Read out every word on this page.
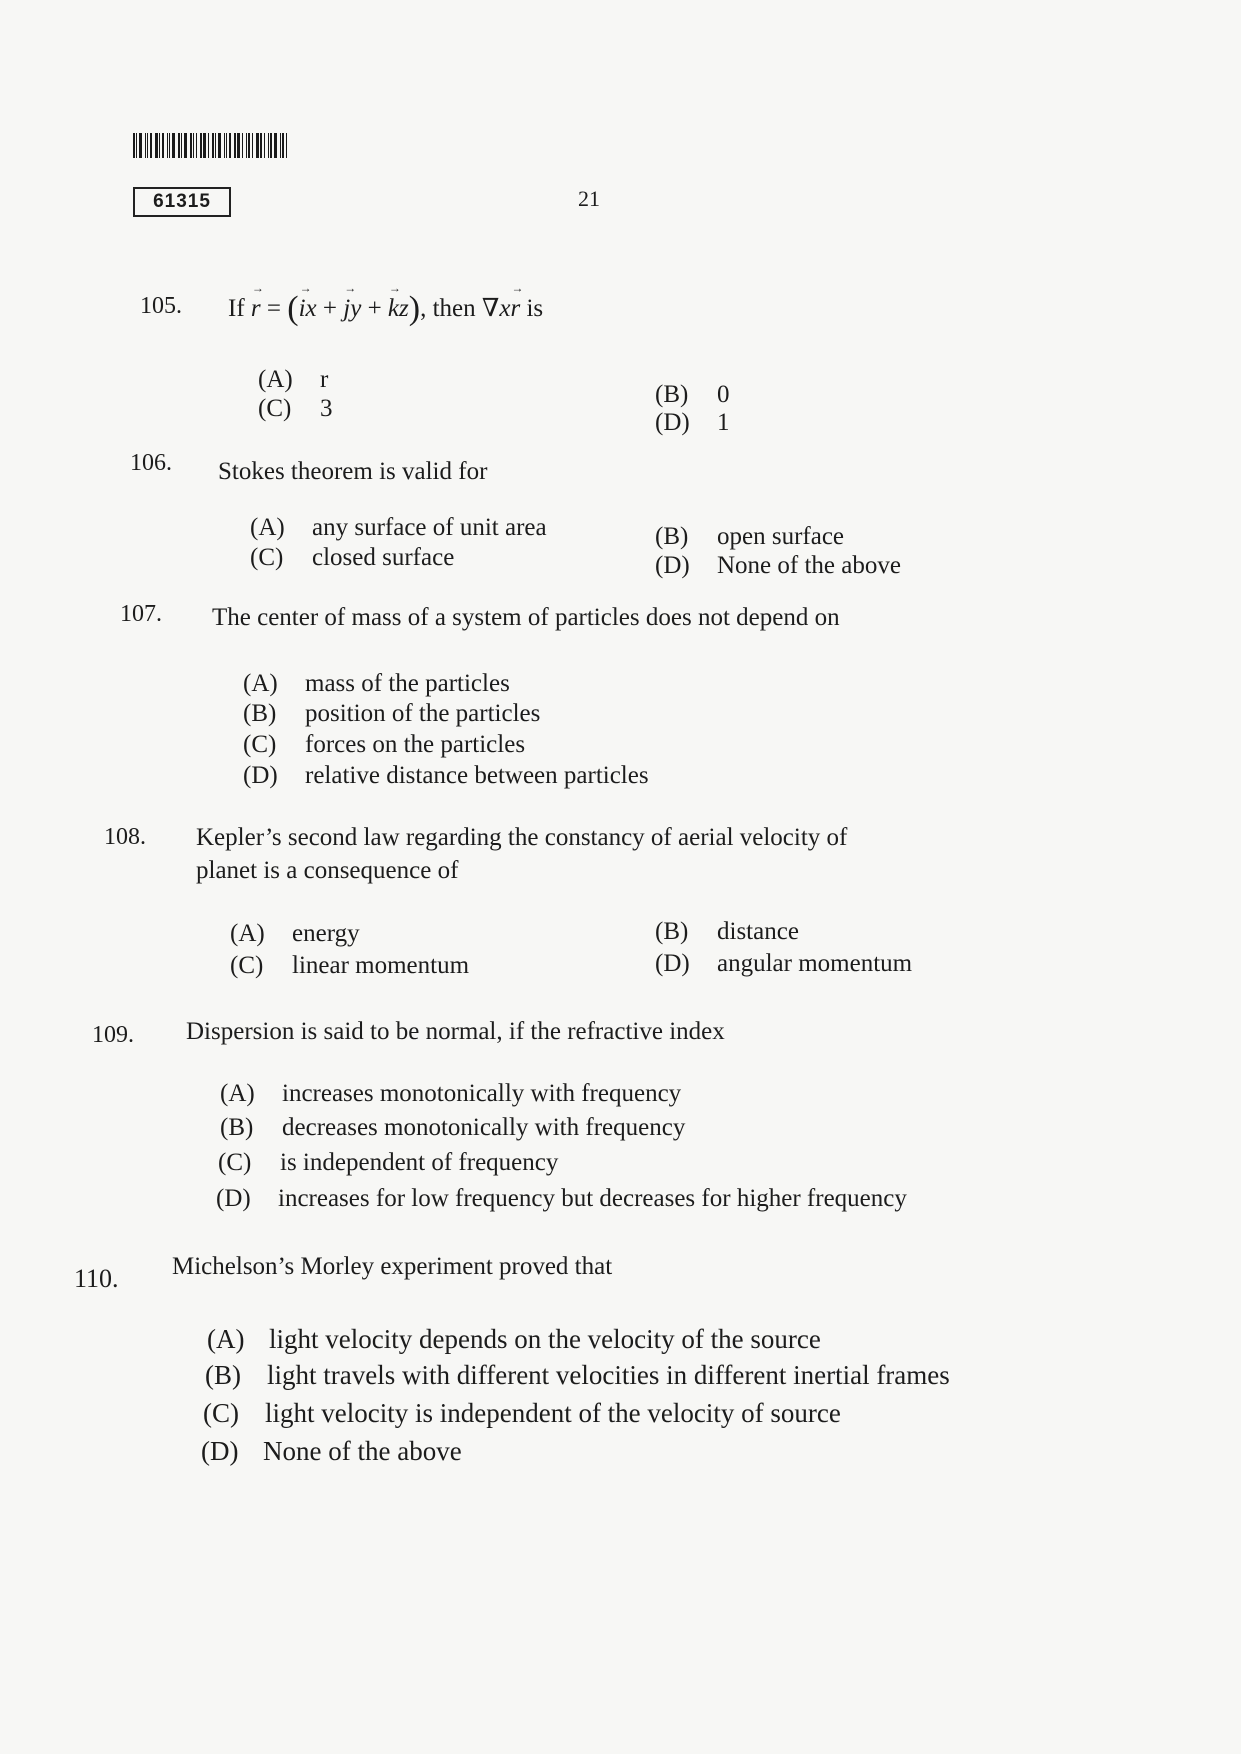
61315	21
105. If → r = (→ ix + → jy + → kz), then ∇x→ r is
(A) r
(B) 0
(C) 3
(D) 1
106. Stokes theorem is valid for
(A) any surface of unit area	(B) open surface
(C) closed surface	(D) None of the above
107. The center of mass of a system of particles does not depend on
(A) mass of the particles
(B) position of the particles
(C) forces on the particles
(D) relative distance between particles
108. Kepler’s second law regarding the constancy of aerial velocity of
planet is a consequence of
(A) energy	(B) distance
(C) linear momentum	(D) angular momentum
109. Dispersion is said to be normal, if the refractive index
(A) increases monotonically with frequency
(B) decreases monotonically with frequency
(C) is independent of frequency
(D) increases for low frequency but decreases for higher frequency
110. Michelson’s Morley experiment proved that
(A) light velocity depends on the velocity of the source
(B) light travels with different velocities in different inertial frames
(C) light velocity is independent of the velocity of source
(D) None of the above
